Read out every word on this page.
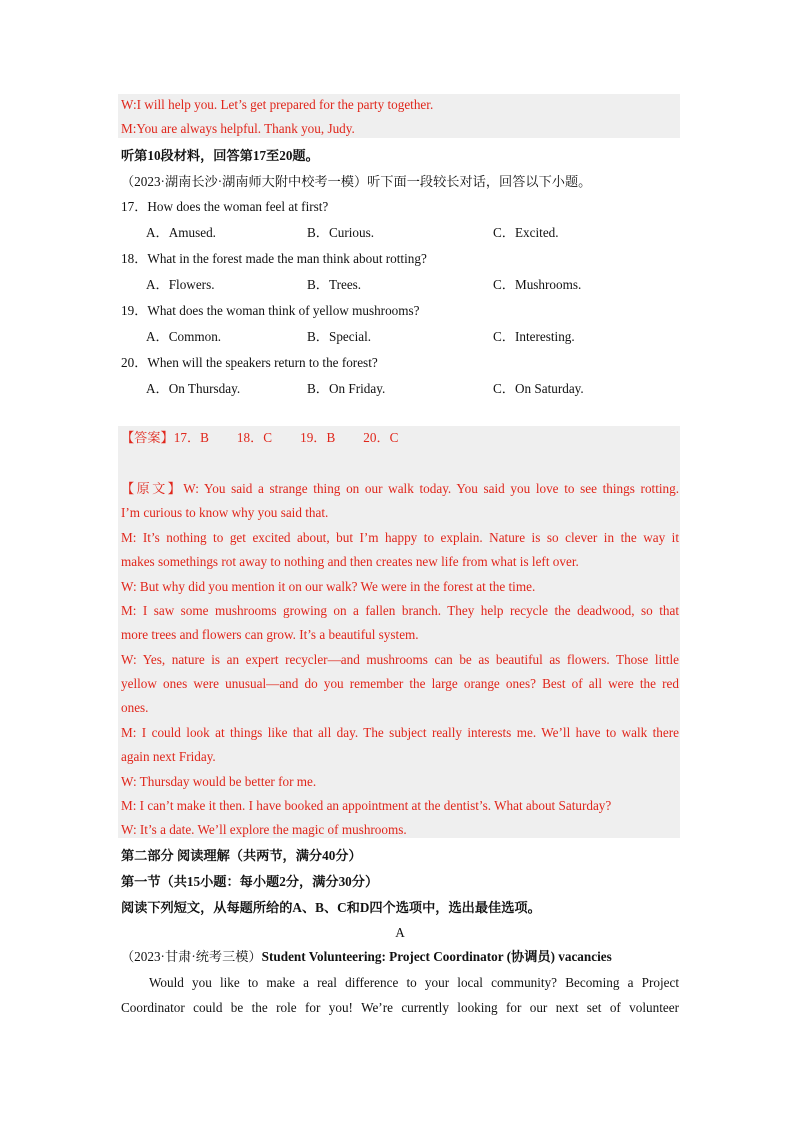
W:I will help you. Let’s get prepared for the party together.
M:You are always helpful. Thank you, Judy.
听第10段材料，回答第17至20题。
（2023·湖南长沙·湖南师大附中校考一模）听下面一段较长对话，回答以下小题。
17．How does the woman feel at first?
A．Amused.	B．Curious.	C．Excited.
18．What in the forest made the man think about rotting?
A．Flowers.	B．Trees.	C．Mushrooms.
19．What does the woman think of yellow mushrooms?
A．Common.	B．Special.	C．Interesting.
20．When will the speakers return to the forest?
A．On Thursday.	B．On Friday.	C．On Saturday.
【答案】17．B 18．C 19．B 20．C
【原文】W: You said a strange thing on our walk today. You said you love to see things rotting.
I’m curious to know why you said that.
M: It’s nothing to get excited about, but I’m happy to explain. Nature is so clever in the way it
makes somethings rot away to nothing and then creates new life from what is left over.
W: But why did you mention it on our walk? We were in the forest at the time.
M: I saw some mushrooms growing on a fallen branch. They help recycle the deadwood, so that
more trees and flowers can grow. It’s a beautiful system.
W: Yes, nature is an expert recycler—and mushrooms can be as beautiful as flowers. Those little
yellow ones were unusual—and do you remember the large orange ones? Best of all were the red
ones.
M: I could look at things like that all day. The subject really interests me. We’ll have to walk there
again next Friday.
W: Thursday would be better for me.
M: I can’t make it then. I have booked an appointment at the dentist’s. What about Saturday?
W: It’s a date. We’ll explore the magic of mushrooms.
第二部分 阅读理解（共两节，满分40分）
第一节（共15小题：每小题2分，满分30分）
阅读下列短文，从每题所给的A、B、C和D四个选项中，选出最佳选项。
A
（2023·甘肃·统考三模）Student Volunteering: Project Coordinator (协调员) vacancies
Would you like to make a real difference to your local community? Becoming a Project
Coordinator could be the role for you! We’re currently looking for our next set of volunteer
